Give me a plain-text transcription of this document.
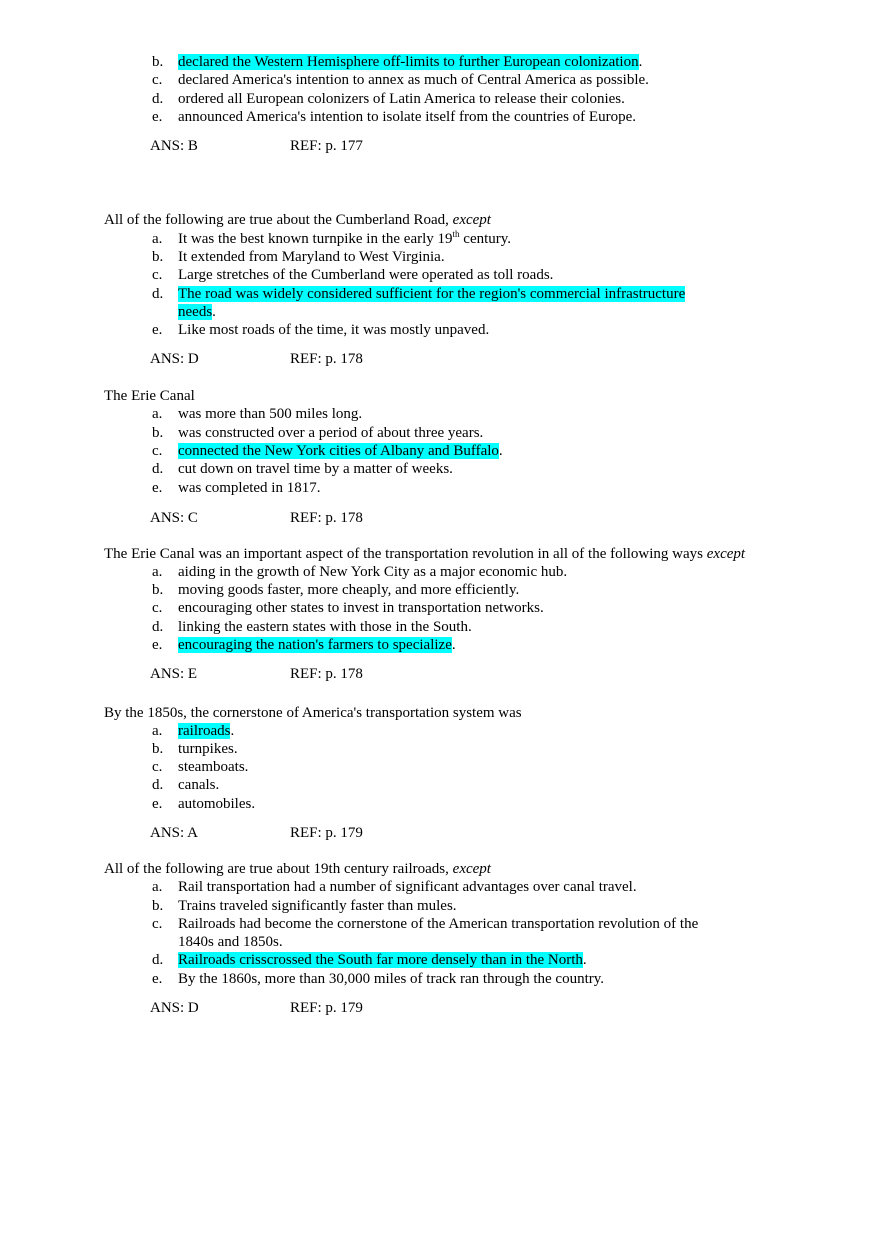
b. declared the Western Hemisphere off-limits to further European colonization.
c. declared America's intention to annex as much of Central America as possible.
d. ordered all European colonizers of Latin America to release their colonies.
e. announced America's intention to isolate itself from the countries of Europe.
ANS: B	REF: p. 177
All of the following are true about the Cumberland Road, except
a. It was the best known turnpike in the early 19th century.
b. It extended from Maryland to West Virginia.
c. Large stretches of the Cumberland were operated as toll roads.
d. The road was widely considered sufficient for the region's commercial infrastructure
needs.
e. Like most roads of the time, it was mostly unpaved.
ANS: D	REF: p. 178
The Erie Canal
a. was more than 500 miles long.
b. was constructed over a period of about three years.
c. connected the New York cities of Albany and Buffalo.
d. cut down on travel time by a matter of weeks.
e. was completed in 1817.
ANS: C	REF: p. 178
The Erie Canal was an important aspect of the transportation revolution in all of the following ways except
a. aiding in the growth of New York City as a major economic hub.
b. moving goods faster, more cheaply, and more efficiently.
c. encouraging other states to invest in transportation networks.
d. linking the eastern states with those in the South.
e. encouraging the nation's farmers to specialize.
ANS: E	REF: p. 178
By the 1850s, the cornerstone of America's transportation system was
a. railroads.
b. turnpikes.
c. steamboats.
d. canals.
e. automobiles.
ANS: A	REF: p. 179
All of the following are true about 19th century railroads, except
a. Rail transportation had a number of significant advantages over canal travel.
b. Trains traveled significantly faster than mules.
c. Railroads had become the cornerstone of the American transportation revolution of the
1840s and 1850s.
d. Railroads crisscrossed the South far more densely than in the North.
e. By the 1860s, more than 30,000 miles of track ran through the country.
ANS: D	REF: p. 179
